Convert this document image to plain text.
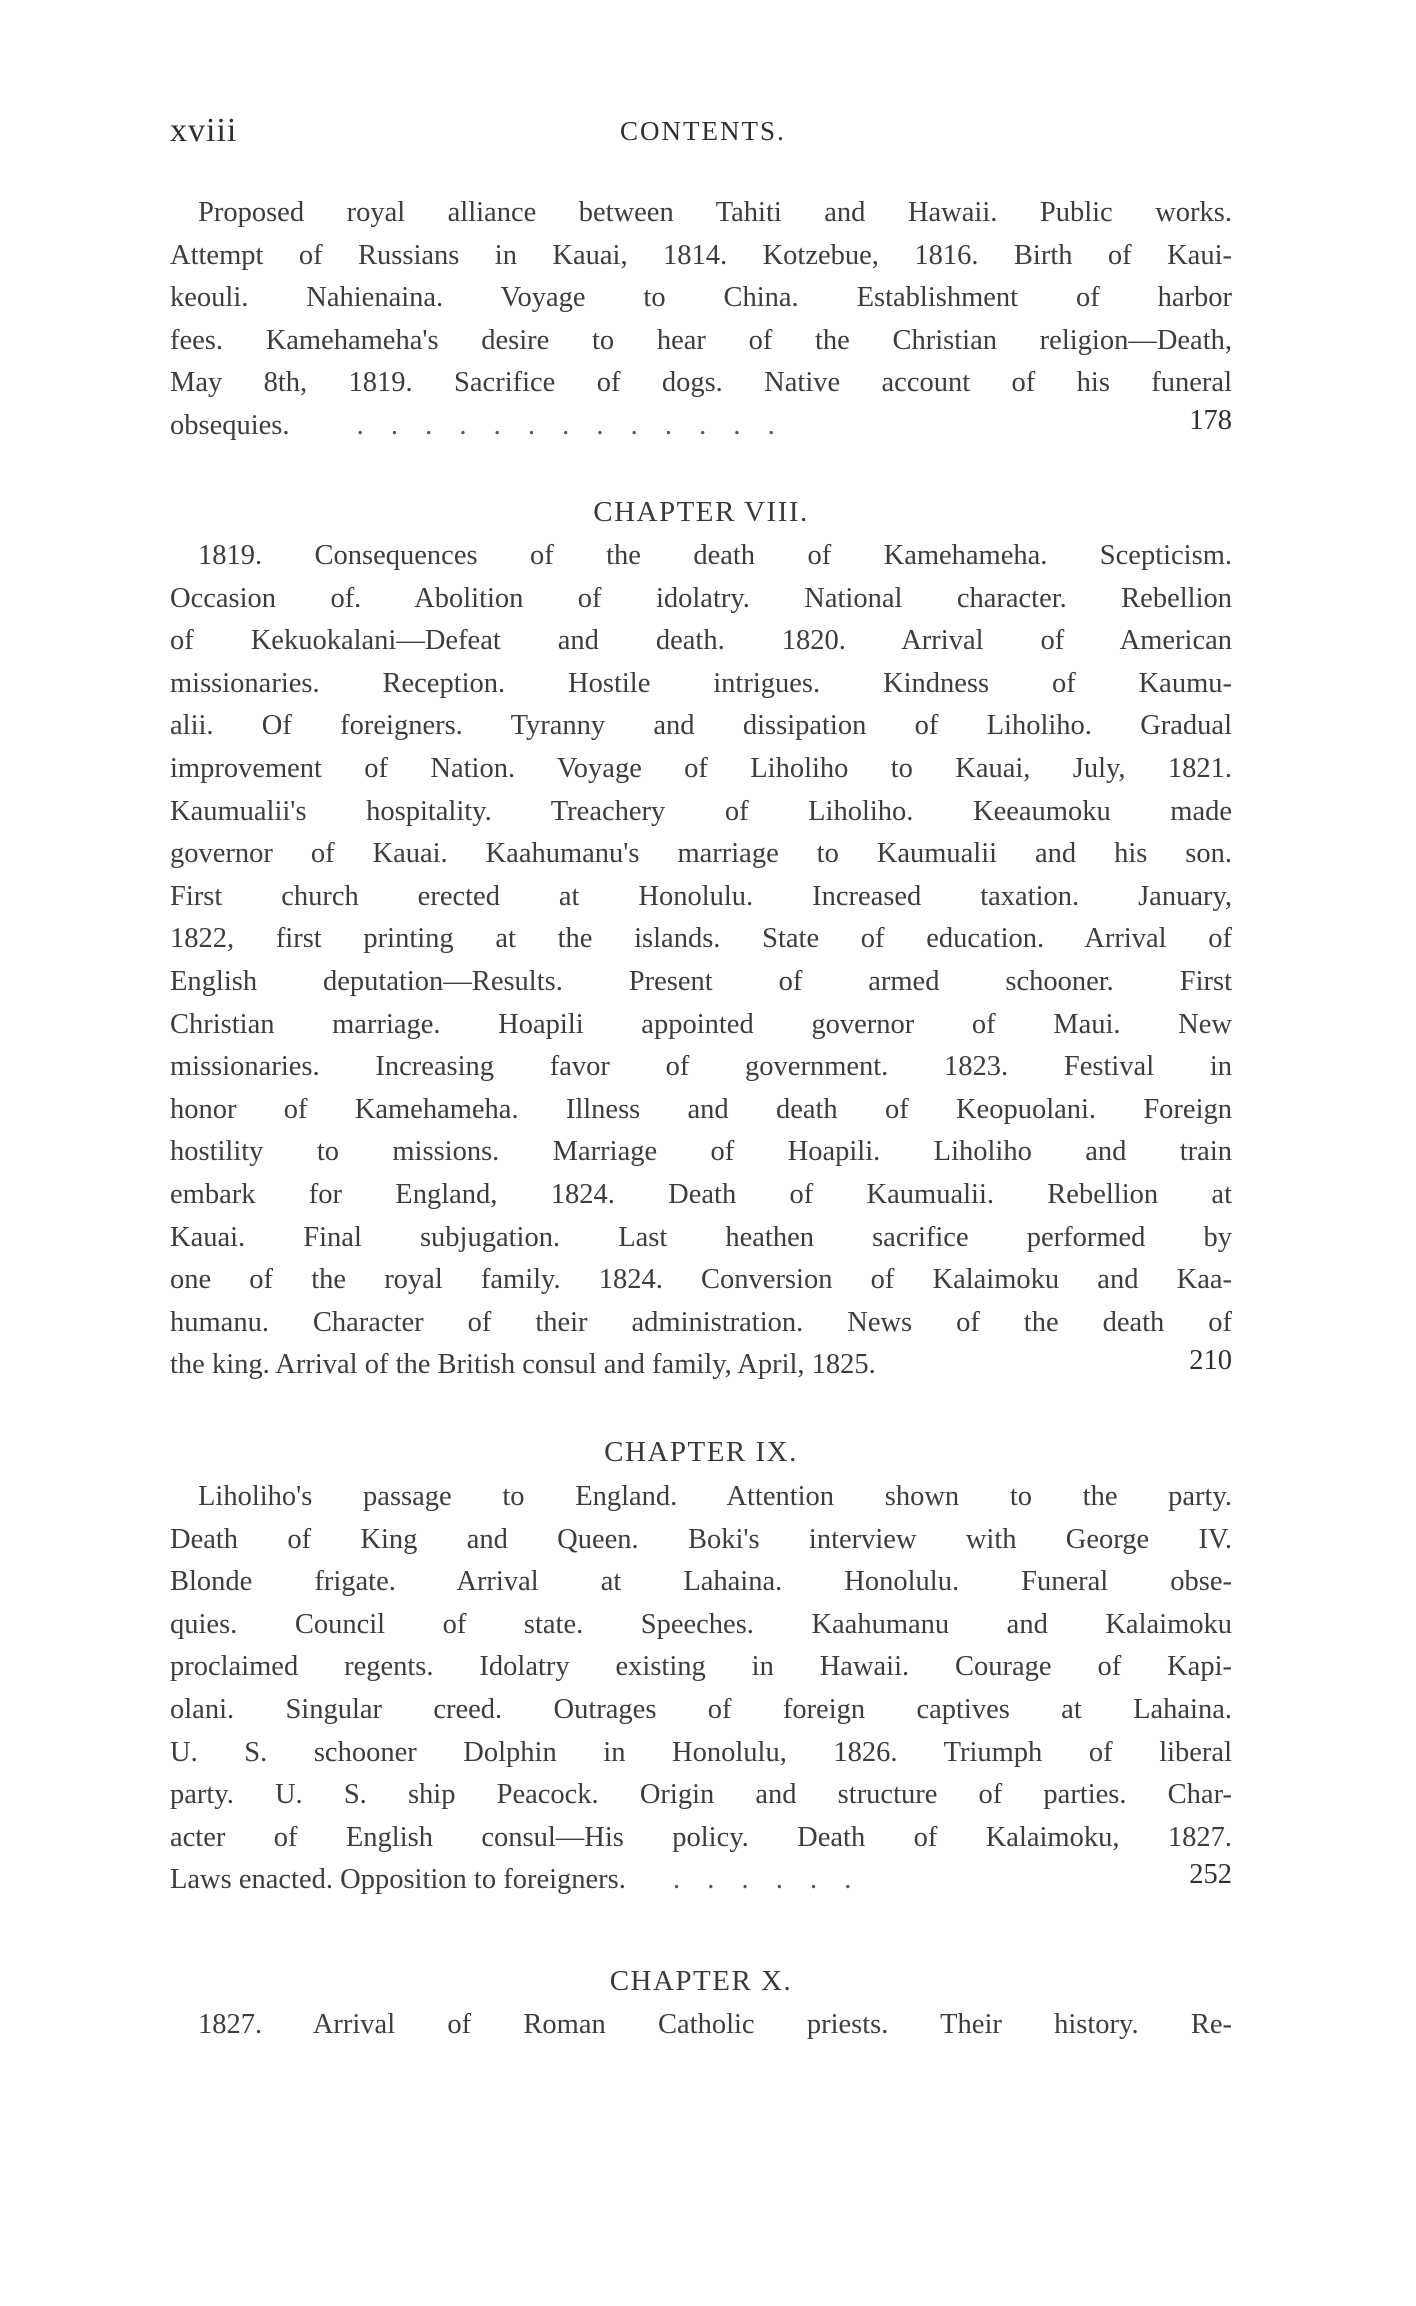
xviii	CONTENTS.
Proposed royal alliance between Tahiti and Hawaii. Public works.
Attempt of Russians in Kauai, 1814. Kotzebue, 1816. Birth of Kaui-
keouli. Nahienaina. Voyage to China. Establishment of harbor
fees. Kamehameha's desire to hear of the Christian religion—Death,
May 8th, 1819. Sacrifice of dogs. Native account of his funeral
obsequies. . . . . . . . . . . . . .	178
CHAPTER VIII.
1819. Consequences of the death of Kamehameha. Scepticism.
Occasion of. Abolition of idolatry. National character. Rebellion
of Kekuokalani—Defeat and death. 1820. Arrival of American
missionaries. Reception. Hostile intrigues. Kindness of Kaumu-
alii. Of foreigners. Tyranny and dissipation of Liholiho. Gradual
improvement of Nation. Voyage of Liholiho to Kauai, July, 1821.
Kaumualii's hospitality. Treachery of Liholiho. Keeaumoku made
governor of Kauai. Kaahumanu's marriage to Kaumualii and his son.
First church erected at Honolulu. Increased taxation. January,
1822, first printing at the islands. State of education. Arrival of
English deputation—Results. Present of armed schooner. First
Christian marriage. Hoapili appointed governor of Maui. New
missionaries. Increasing favor of government. 1823. Festival in
honor of Kamehameha. Illness and death of Keopuolani. Foreign
hostility to missions. Marriage of Hoapili. Liholiho and train
embark for England, 1824. Death of Kaumualii. Rebellion at
Kauai. Final subjugation. Last heathen sacrifice performed by
one of the royal family. 1824. Conversion of Kalaimoku and Kaa-
humanu. Character of their administration. News of the death of
the king. Arrival of the British consul and family, April, 1825.	210
CHAPTER IX.
Liholiho's passage to England. Attention shown to the party.
Death of King and Queen. Boki's interview with George IV.
Blonde frigate. Arrival at Lahaina. Honolulu. Funeral obse-
quies. Council of state. Speeches. Kaahumanu and Kalaimoku
proclaimed regents. Idolatry existing in Hawaii. Courage of Kapi-
olani. Singular creed. Outrages of foreign captives at Lahaina.
U. S. schooner Dolphin in Honolulu, 1826. Triumph of liberal
party. U. S. ship Peacock. Origin and structure of parties. Char-
acter of English consul—His policy. Death of Kalaimoku, 1827.
Laws enacted. Opposition to foreigners. . . . . . .	252
CHAPTER X.
1827. Arrival of Roman Catholic priests. Their history. Re-
